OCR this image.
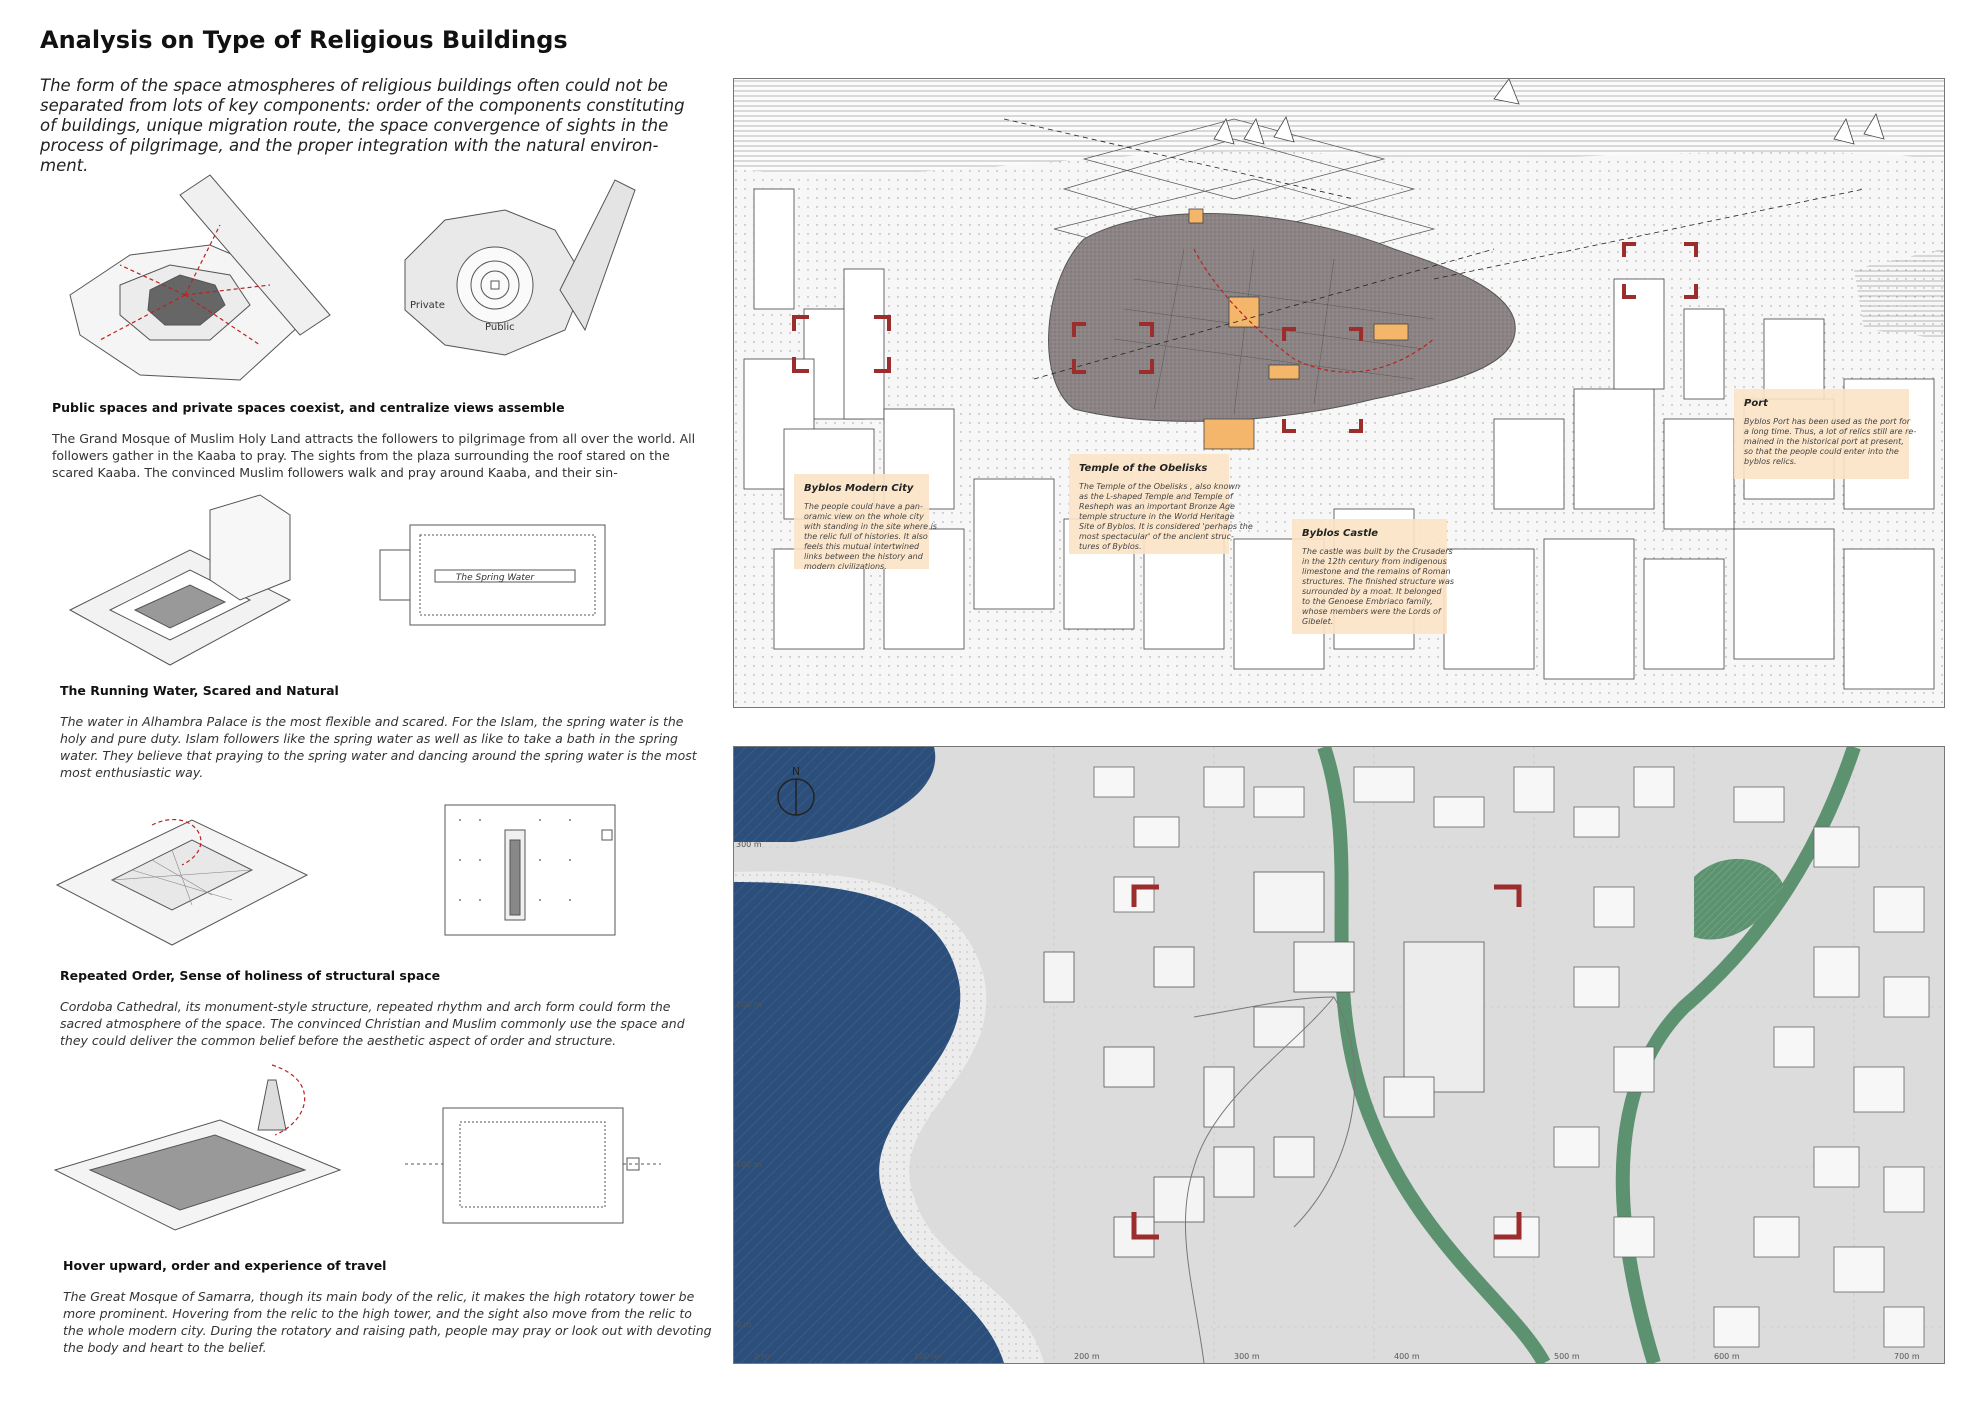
Analysis on Type of Religious Buildings
The form of the space atmospheres of religious buildings often could not be separated from lots of key components: order of the components constituting of buildings, unique migration route, the space convergence of sights in the process of pilgrimage, and the proper integration with the natural environ- ment.
Private
Public
Public spaces and private spaces coexist, and centralize views assemble
The Grand Mosque of Muslim Holy Land attracts the followers to pilgrimage from all over the world. All followers gather in the Kaaba to pray. The sights from the plaza surrounding the roof stared on the scared Kaaba. The convinced Muslim followers walk and pray around Kaaba, and their sin-
The Spring Water
The Running Water, Scared and Natural
The water in Alhambra Palace is the most flexible and scared. For the Islam, the spring water is the holy and pure duty. Islam followers like the spring water as well as like to take a bath in the spring water. They believe that praying to the spring water and dancing around the spring water is the most most enthusiastic way.
Repeated Order, Sense of holiness of structural space
Cordoba Cathedral, its monument-style structure, repeated rhythm and arch form could form the sacred atmosphere of the space. The convinced Christian and Muslim commonly use the space and they could deliver the common belief before the aesthetic aspect of order and structure.
Hover upward, order and experience of travel
The Great Mosque of Samarra, though its main body of the relic, it makes the high rotatory tower be more prominent. Hovering from the relic to the high tower, and the sight also move from the relic to the whole modern city. During the rotatory and raising path, people may pray or look out with devoting the body and heart to the belief.
Byblos Modern City
The people could have a pan-
oramic view on the whole city
with standing in the site where is
the relic full of histories. It also
feels this mutual intertwined
links between the history and
modern civilizations.
Temple of the Obelisks
The Temple of the Obelisks , also known
as the L-shaped Temple and Temple of
Resheph was an important Bronze Age
temple structure in the World Heritage
Site of Byblos. It is considered 'perhaps the
most spectacular' of the ancient struc-
tures of Byblos.
Byblos Castle
The castle was built by the Crusaders
in the 12th century from indigenous
limestone and the remains of Roman
structures. The finished structure was
surrounded by a moat. It belonged
to the Genoese Embriaco family,
whose members were the Lords of
Gibelet.
Port
Byblos Port has been used as the port for
a long time. Thus, a lot of relics still are re-
mained in the historical port at present,
so that the people could enter into the
byblos relics.
N
300 m
200 m
100 m
0 m
0 m	100 m	200 m	300 m	400 m	500 m	600 m	700 m
